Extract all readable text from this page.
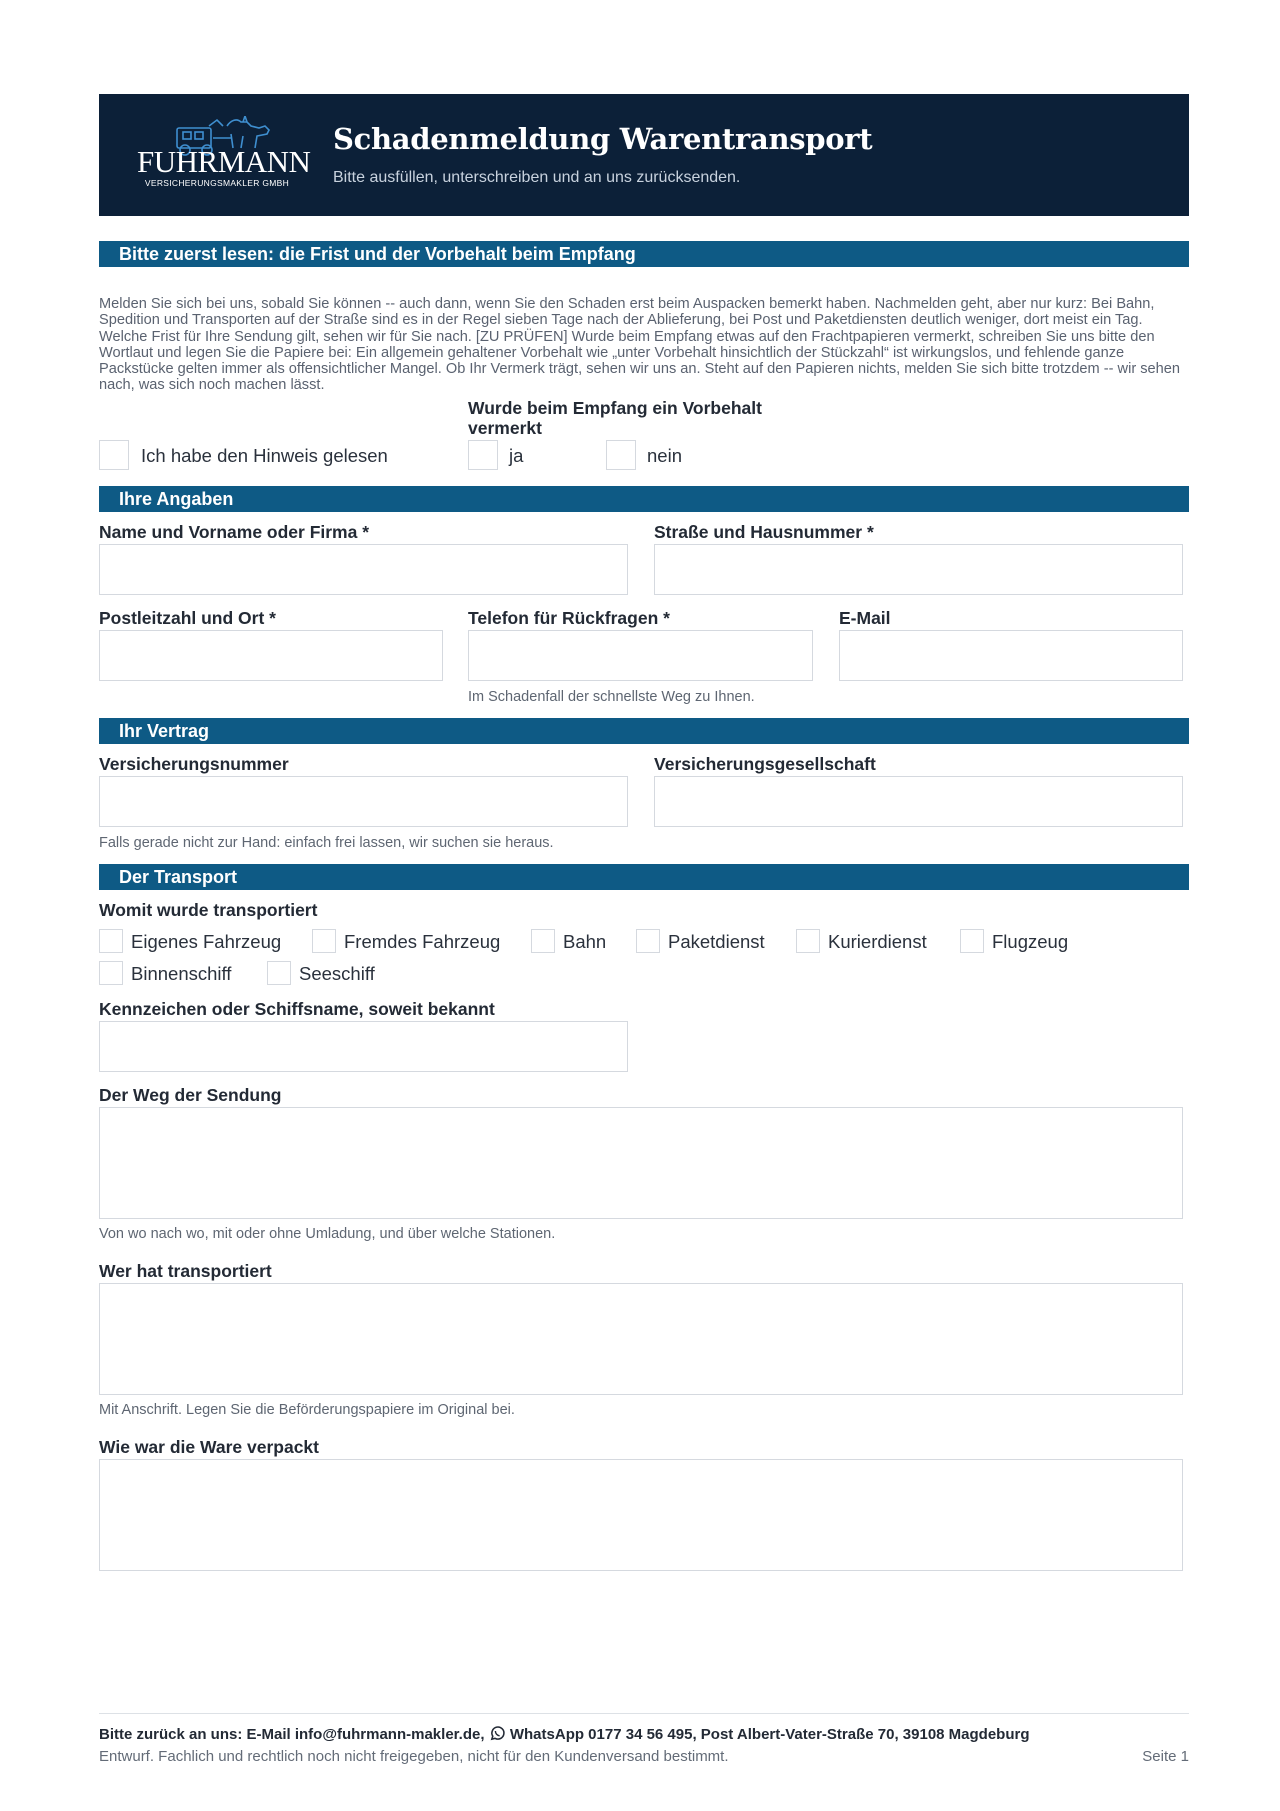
FUHRMANN
VERSICHERUNGSMAKLER GMBH
Schadenmeldung Warentransport
Bitte ausfüllen, unterschreiben und an uns zurücksenden.
Bitte zuerst lesen: die Frist und der Vorbehalt beim Empfang
Melden Sie sich bei uns, sobald Sie können -- auch dann, wenn Sie den Schaden erst beim Auspacken bemerkt haben. Nachmelden geht, aber nur kurz: Bei Bahn, Spedition und Transporten auf der Straße sind es in der Regel sieben Tage nach der Ablieferung, bei Post und Paketdiensten deutlich weniger, dort meist ein Tag. Welche Frist für Ihre Sendung gilt, sehen wir für Sie nach. [ZU PRÜFEN] Wurde beim Empfang etwas auf den Frachtpapieren vermerkt, schreiben Sie uns bitte den Wortlaut und legen Sie die Papiere bei: Ein allgemein gehaltener Vorbehalt wie „unter Vorbehalt hinsichtlich der Stückzahl“ ist wirkungslos, und fehlende ganze Packstücke gelten immer als offensichtlicher Mangel. Ob Ihr Vermerk trägt, sehen wir uns an. Steht auf den Papieren nichts, melden Sie sich bitte trotzdem -- wir sehen nach, was sich noch machen lässt.
Ich habe den Hinweis gelesen
Wurde beim Empfang ein Vorbehalt vermerkt
ja	nein
Ihre Angaben
Name und Vorname oder Firma *	Straße und Hausnummer *
Postleitzahl und Ort *	Telefon für Rückfragen *
Im Schadenfall der schnellste Weg zu Ihnen.
E-Mail
Ihr Vertrag
Versicherungsnummer	Versicherungsgesellschaft
Falls gerade nicht zur Hand: einfach frei lassen, wir suchen sie heraus.
Der Transport
Womit wurde transportiert
Eigenes Fahrzeug	Fremdes Fahrzeug	Bahn	Paketdienst	Kurierdienst	Flugzeug
Binnenschiff	Seeschiff
Kennzeichen oder Schiffsname, soweit bekannt
Der Weg der Sendung
Von wo nach wo, mit oder ohne Umladung, und über welche Stationen.
Wer hat transportiert
Mit Anschrift. Legen Sie die Beförderungspapiere im Original bei.
Wie war die Ware verpackt
Bitte zurück an uns: E-Mail info@fuhrmann-makler.de, WhatsApp 0177 34 56 495, Post Albert-Vater-Straße 70, 39108 Magdeburg
Entwurf. Fachlich und rechtlich noch nicht freigegeben, nicht für den Kundenversand bestimmt.	Seite 1
